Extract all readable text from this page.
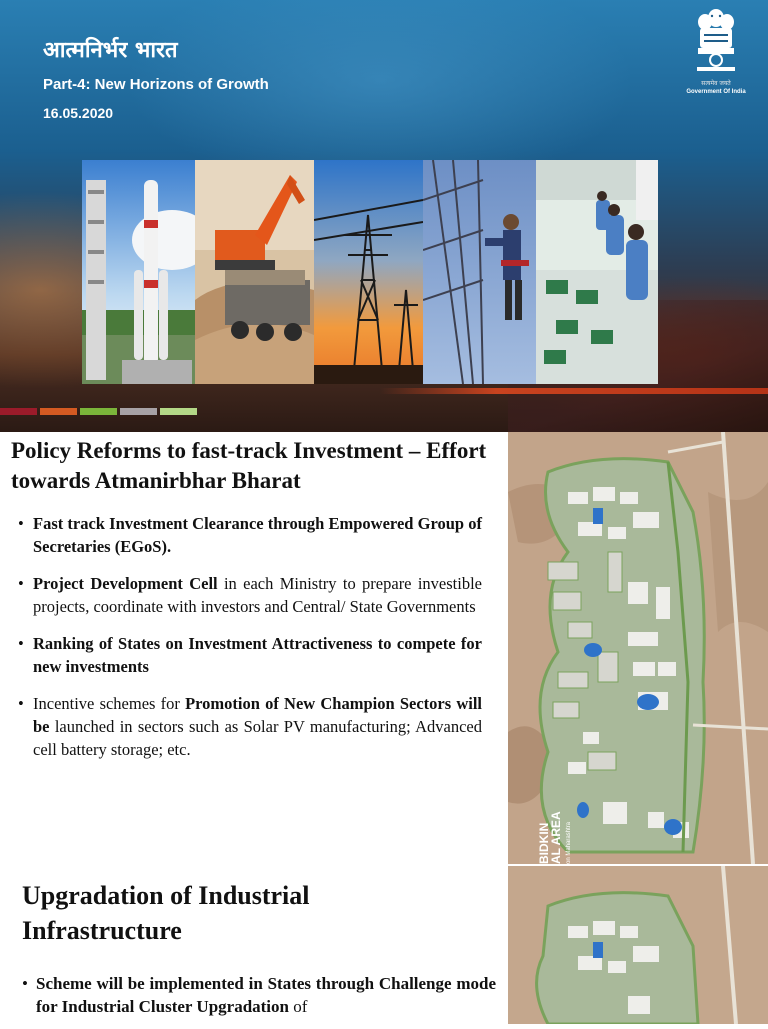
आत्मनिर्भर भारत
Part-4: New Horizons of Growth
16.05.2020
सत्यमेव जयते
Government Of India
BIDKIN
AL AREA on Maharashtra
Policy Reforms to fast-track Investment – Effort towards Atmanirbhar Bharat
• Fast track Investment Clearance through Empowered Group of Secretaries (EGoS).
• Project Development Cell in each Ministry to prepare investible projects, coordinate with investors and Central/ State Governments
• Ranking of States on Investment Attractiveness to compete for new investments
• Incentive schemes for Promotion of New Champion Sectors will be launched in sectors such as Solar PV manufacturing; Advanced cell battery storage; etc.
Upgradation of Industrial Infrastructure
• Scheme will be implemented in States through Challenge mode for Industrial Cluster Upgradation of
